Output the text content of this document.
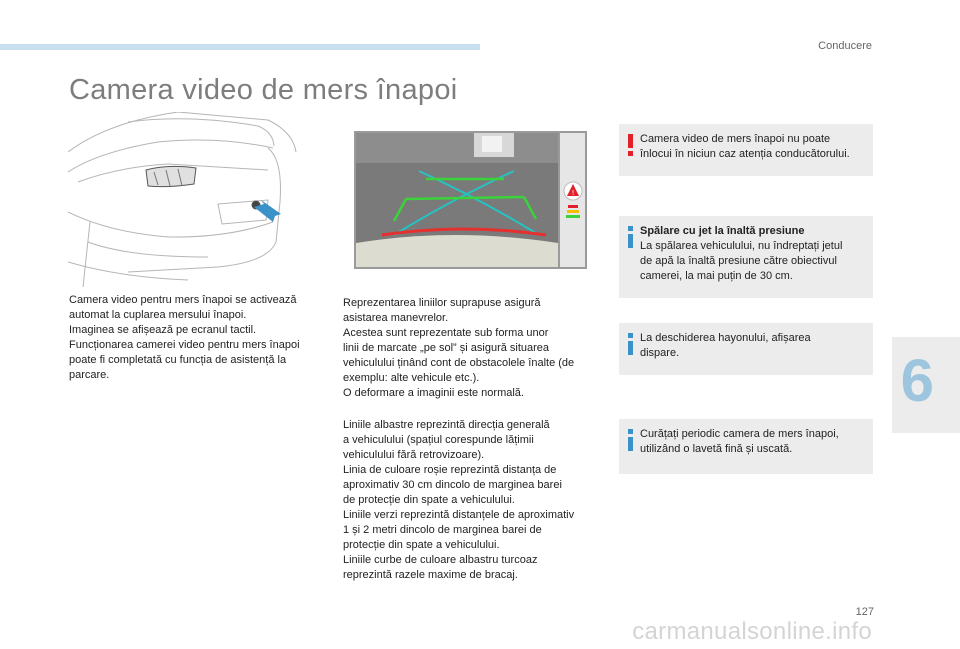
Conducere
Camera video de mers înapoi
!

Camera video pentru mers înapoi se activează

automat la cuplarea mersului înapoi.

Imaginea se afișează pe ecranul tactil.

Funcționarea camerei video pentru mers înapoi

poate fi completată cu funcția de asistență la

parcare.

Reprezentarea liniilor suprapuse asigură

asistarea manevrelor.

Acestea sunt reprezentate sub forma unor

linii de marcate „pe sol” și asigură situarea

vehiculului ținând cont de obstacolele înalte (de

exemplu: alte vehicule etc.).

O deformare a imaginii este normală.

Liniile albastre reprezintă direcția generală

a vehiculului (spațiul corespunde lățimii

vehiculului fără retrovizoare).

Linia de culoare roșie reprezintă distanța de

aproximativ 30 cm dincolo de marginea barei

de protecție din spate a vehiculului.

Liniile verzi reprezintă distanțele de aproximativ

1 și 2 metri dincolo de marginea barei de

protecție din spate a vehiculului.

Liniile curbe de culoare albastru turcoaz

reprezintă razele maxime de bracaj.

Camera video de mers înapoi nu poate

înlocui în niciun caz atenția conducătorului.

Spălare cu jet la înaltă presiune

La spălarea vehiculului, nu îndreptați jetul

de apă la înaltă presiune către obiectivul

camerei, la mai puțin de 30 cm.

La deschiderea hayonului, afișarea

dispare.

Curățați periodic camera de mers înapoi,

utilizând o lavetă fină și uscată.

6
127
carmanualsonline.info
